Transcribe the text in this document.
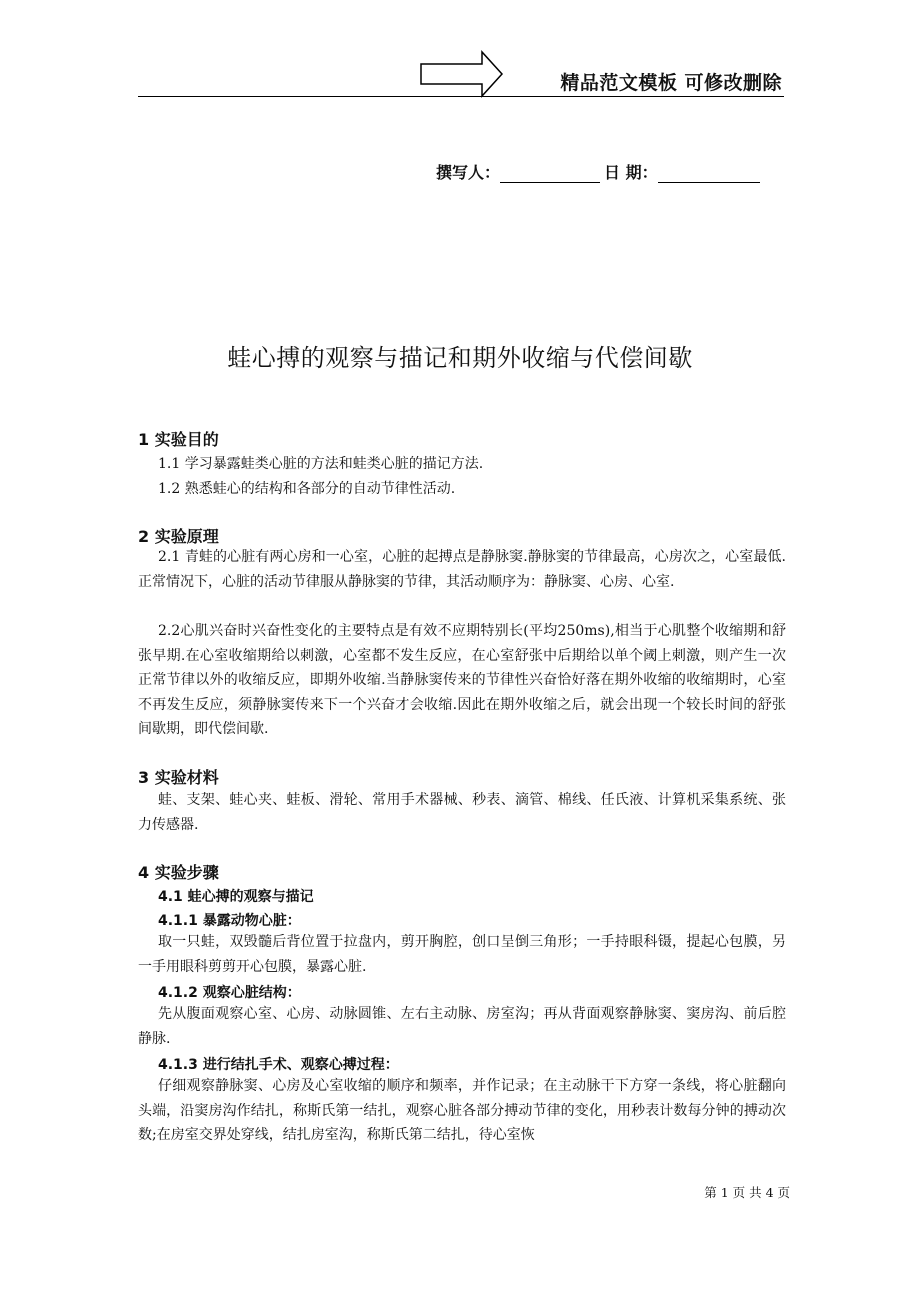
精品范文模板 可修改删除
撰写人：	日 期：
蛙心搏的观察与描记和期外收缩与代偿间歇
1 实验目的
1.1 学习暴露蛙类心脏的方法和蛙类心脏的描记方法.
1.2 熟悉蛙心的结构和各部分的自动节律性活动.
2 实验原理
2.1 青蛙的心脏有两心房和一心室，心脏的起搏点是静脉窦.静脉窦的节律最高，心房次之，心室最低.正常情况下，心脏的活动节律服从静脉窦的节律，其活动顺序为：静脉窦、心房、心室.
2.2心肌兴奋时兴奋性变化的主要特点是有效不应期特别长(平均250ms),相当于心肌整个收缩期和舒张早期.在心室收缩期给以刺激，心室都不发生反应，在心室舒张中后期给以单个阈上刺激，则产生一次正常节律以外的收缩反应，即期外收缩.当静脉窦传来的节律性兴奋恰好落在期外收缩的收缩期时，心室不再发生反应，须静脉窦传来下一个兴奋才会收缩.因此在期外收缩之后，就会出现一个较长时间的舒张间歇期，即代偿间歇.
3 实验材料
蛙、支架、蛙心夹、蛙板、滑轮、常用手术器械、秒表、滴管、棉线、任氏液、计算机采集系统、张力传感器.
4 实验步骤
4.1 蛙心搏的观察与描记
4.1.1 暴露动物心脏：
取一只蛙，双毁髓后背位置于拉盘内，剪开胸腔，创口呈倒三角形；一手持眼科镊，提起心包膜，另一手用眼科剪剪开心包膜，暴露心脏.
4.1.2 观察心脏结构：
先从腹面观察心室、心房、动脉圆锥、左右主动脉、房室沟；再从背面观察静脉窦、窦房沟、前后腔静脉.
4.1.3 进行结扎手术、观察心搏过程：
仔细观察静脉窦、心房及心室收缩的顺序和频率，并作记录；在主动脉干下方穿一条线，将心脏翻向头端，沿窦房沟作结扎，称斯氏第一结扎，观察心脏各部分搏动节律的变化，用秒表计数每分钟的搏动次数;在房室交界处穿线，结扎房室沟，称斯氏第二结扎，待心室恢
第 1 页 共 4 页
